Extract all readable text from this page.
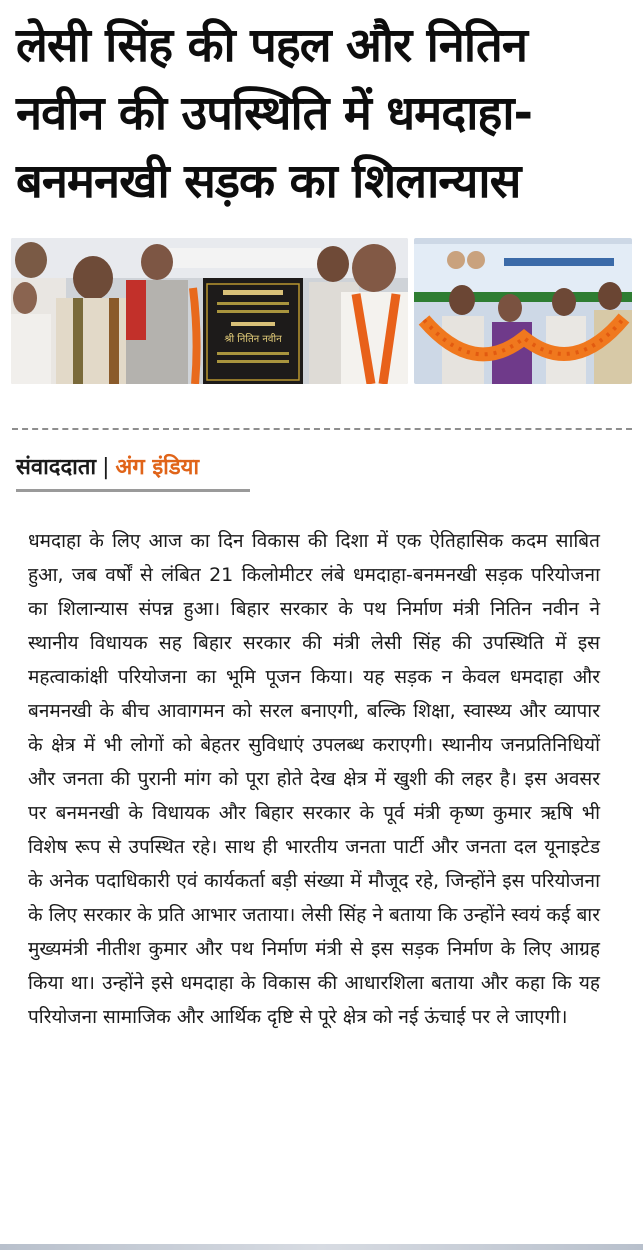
लेसी सिंह की पहल और नितिन नवीन की उपस्थिति में धमदाहा-बनमनखी सड़क का शिलान्यास
श्री नितिन नवीन

संवाददाता | अंग इंडिया

धमदाहा के लिए आज का दिन विकास की दिशा में एक ऐतिहासिक कदम साबित हुआ, जब वर्षों से लंबित 21 किलोमीटर लंबे धमदाहा-बनमनखी सड़क परियोजना का शिलान्यास संपन्न हुआ। बिहार सरकार के पथ निर्माण मंत्री नितिन नवीन ने स्थानीय विधायक सह बिहार सरकार की मंत्री लेसी सिंह की उपस्थिति में इस महत्वाकांक्षी परियोजना का भूमि पूजन किया। यह सड़क न केवल धमदाहा और बनमनखी के बीच आवागमन को सरल बनाएगी, बल्कि शिक्षा, स्वास्थ्य और व्यापार के क्षेत्र में भी लोगों को बेहतर सुविधाएं उपलब्ध कराएगी। स्थानीय जनप्रतिनिधियों और जनता की पुरानी मांग को पूरा होते देख क्षेत्र में खुशी की लहर है। इस अवसर पर बनमनखी के विधायक और बिहार सरकार के पूर्व मंत्री कृष्ण कुमार ऋषि भी विशेष रूप से उपस्थित रहे। साथ ही भारतीय जनता पार्टी और जनता दल यूनाइटेड के अनेक पदाधिकारी एवं कार्यकर्ता बड़ी संख्या में मौजूद रहे, जिन्होंने इस परियोजना के लिए सरकार के प्रति आभार जताया। लेसी सिंह ने बताया कि उन्होंने स्वयं कई बार मुख्यमंत्री नीतीश कुमार और पथ निर्माण मंत्री से इस सड़क निर्माण के लिए आग्रह किया था। उन्होंने इसे धमदाहा के विकास की आधारशिला बताया और कहा कि यह परियोजना सामाजिक और आर्थिक दृष्टि से पूरे क्षेत्र को नई ऊंचाई पर ले जाएगी।
